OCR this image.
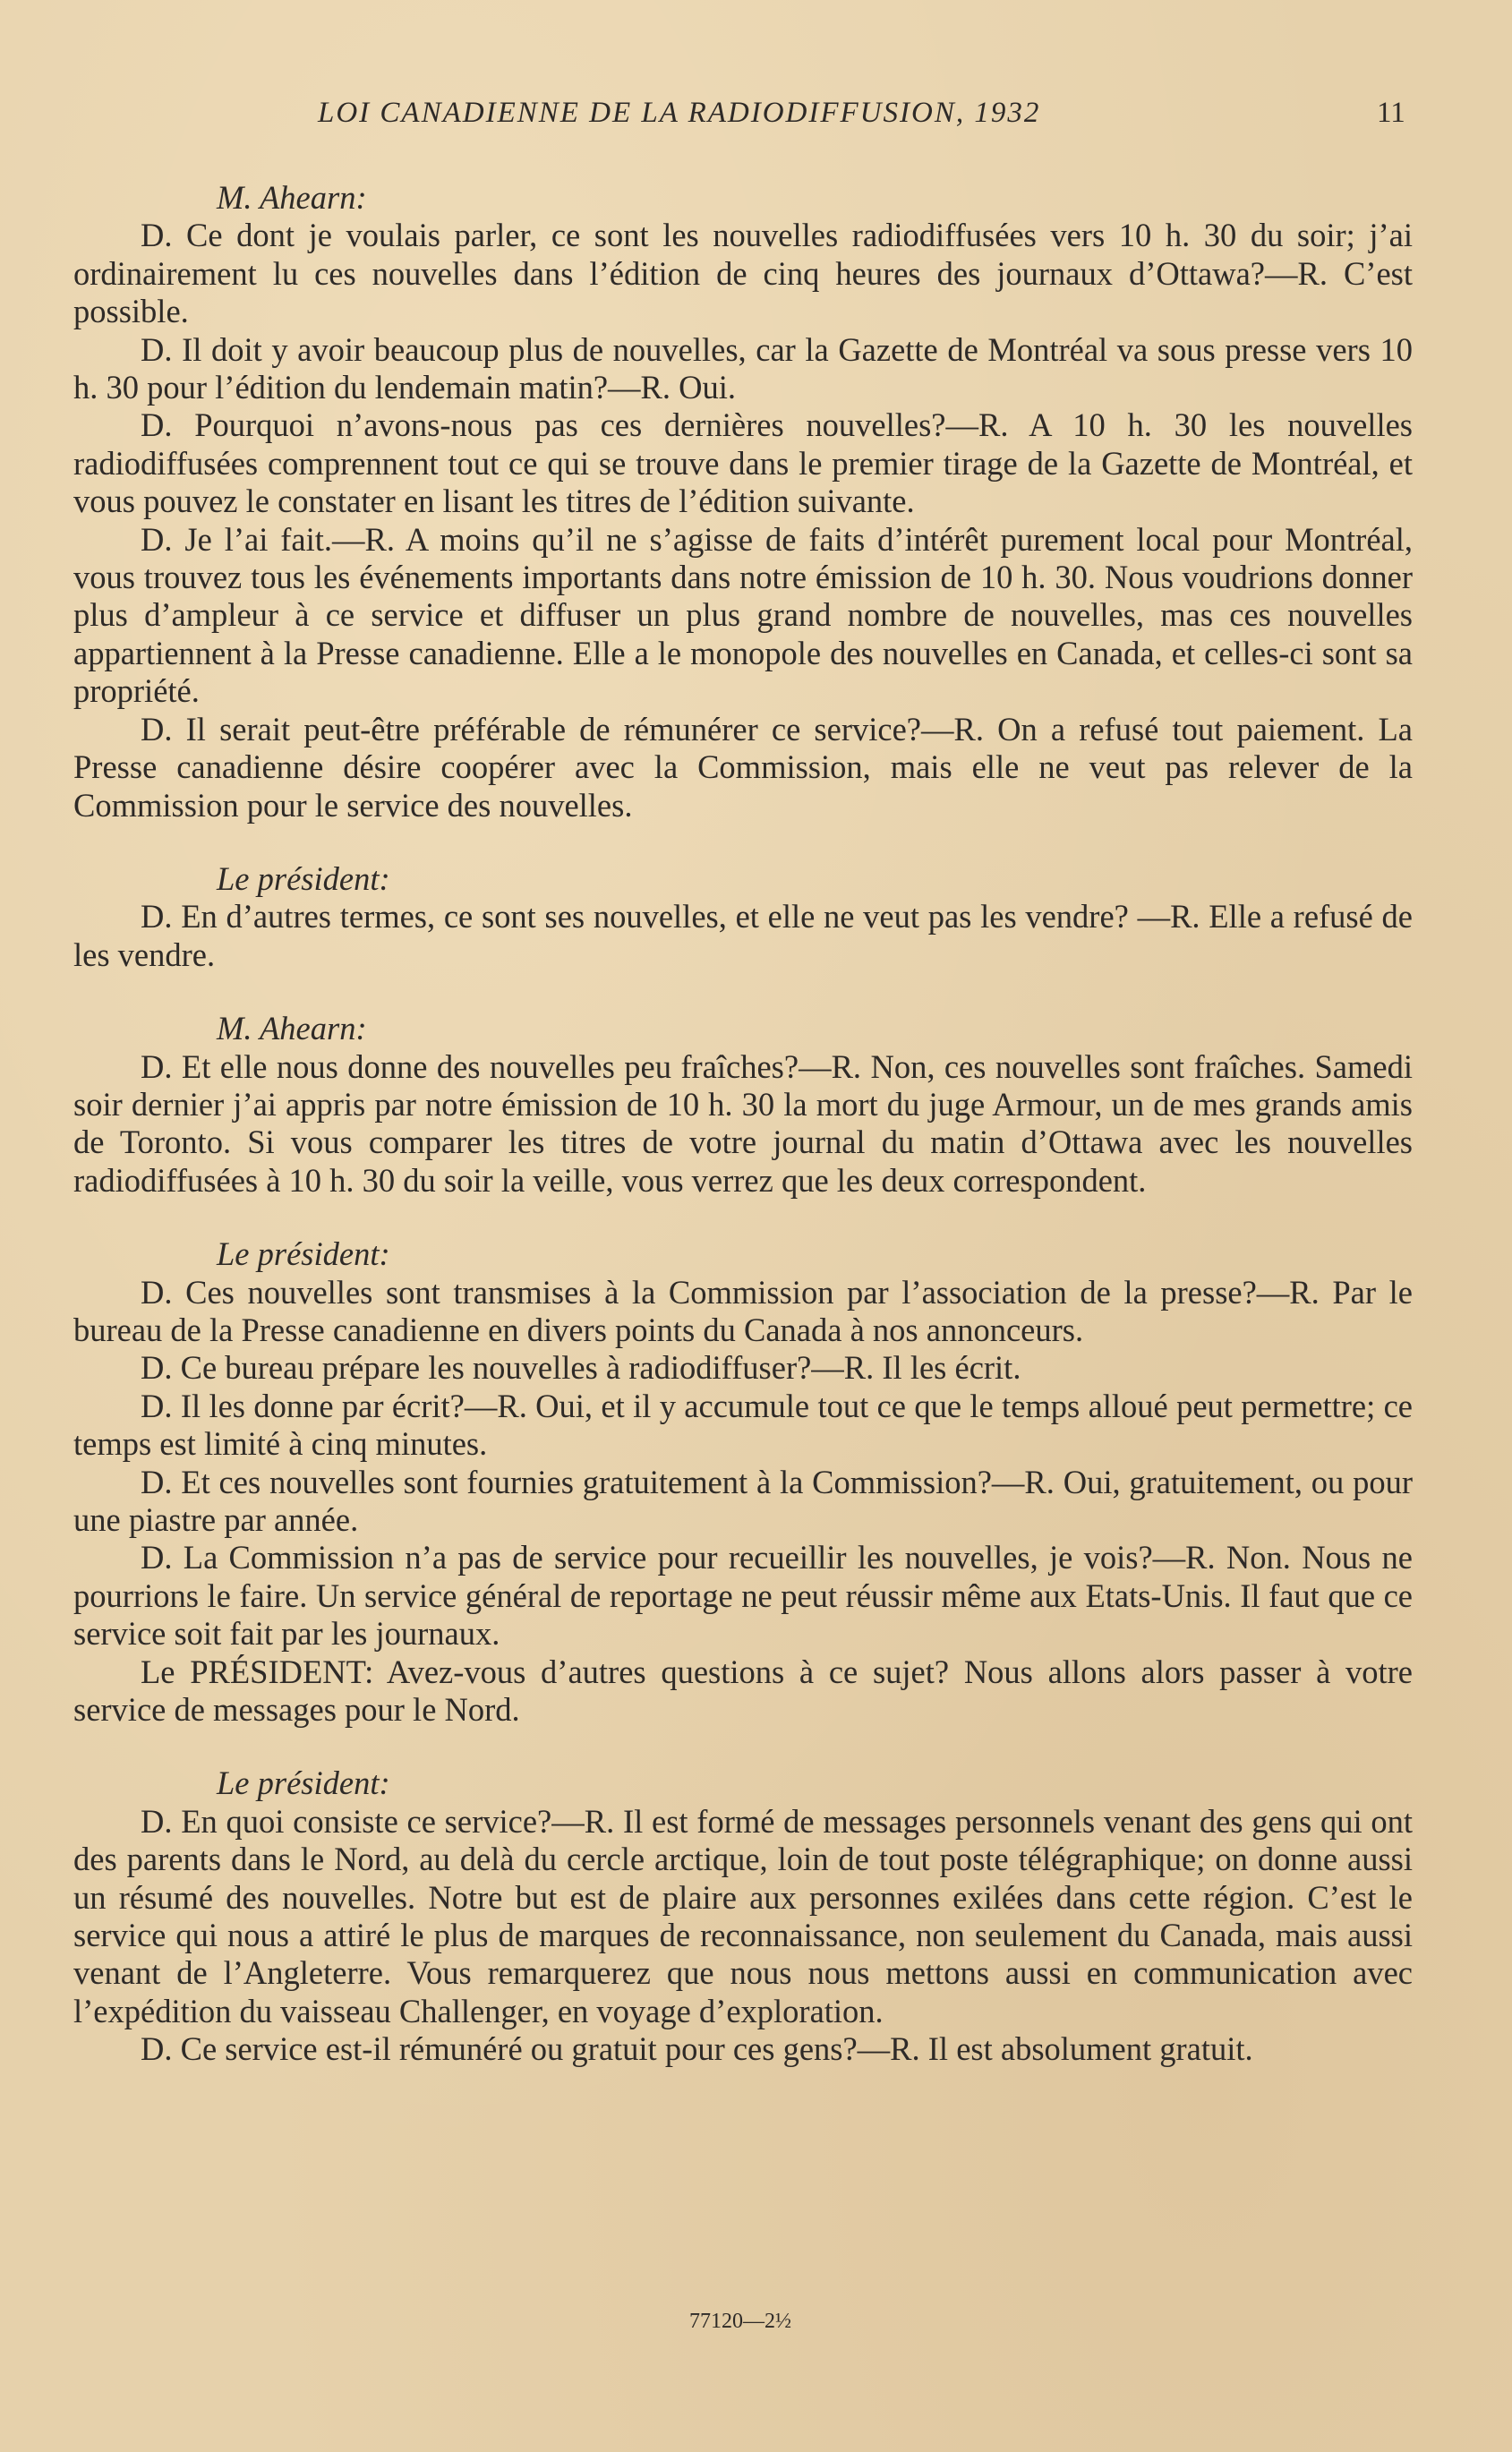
LOI CANADIENNE DE LA RADIODIFFUSION, 1932	11

M. Ahearn:

D. Ce dont je voulais parler, ce sont les nouvelles radiodiffusées vers 10 h. 30 du soir; j’ai ordinairement lu ces nouvelles dans l’édition de cinq heures des journaux d’Ottawa?—R. C’est possible.

D. Il doit y avoir beaucoup plus de nouvelles, car la Gazette de Montréal va sous presse vers 10 h. 30 pour l’édition du lendemain matin?—R. Oui.

D. Pourquoi n’avons-nous pas ces dernières nouvelles?—R. A 10 h. 30 les nouvelles radiodiffusées comprennent tout ce qui se trouve dans le premier tirage de la Gazette de Montréal, et vous pouvez le constater en lisant les titres de l’édition suivante.

D. Je l’ai fait.—R. A moins qu’il ne s’agisse de faits d’intérêt purement local pour Montréal, vous trouvez tous les événements importants dans notre émission de 10 h. 30. Nous voudrions donner plus d’ampleur à ce service et diffuser un plus grand nombre de nouvelles, mas ces nouvelles appartiennent à la Presse canadienne. Elle a le monopole des nouvelles en Canada, et celles-ci sont sa propriété.

D. Il serait peut-être préférable de rémunérer ce service?—R. On a refusé tout paiement. La Presse canadienne désire coopérer avec la Commission, mais elle ne veut pas relever de la Commission pour le service des nouvelles.

Le président:

D. En d’autres termes, ce sont ses nouvelles, et elle ne veut pas les vendre? —R. Elle a refusé de les vendre.

M. Ahearn:

D. Et elle nous donne des nouvelles peu fraîches?—R. Non, ces nouvelles sont fraîches. Samedi soir dernier j’ai appris par notre émission de 10 h. 30 la mort du juge Armour, un de mes grands amis de Toronto. Si vous comparer les titres de votre journal du matin d’Ottawa avec les nouvelles radiodiffusées à 10 h. 30 du soir la veille, vous verrez que les deux correspondent.

Le président:

D. Ces nouvelles sont transmises à la Commission par l’association de la presse?—R. Par le bureau de la Presse canadienne en divers points du Canada à nos annonceurs.

D. Ce bureau prépare les nouvelles à radiodiffuser?—R. Il les écrit.

D. Il les donne par écrit?—R. Oui, et il y accumule tout ce que le temps alloué peut permettre; ce temps est limité à cinq minutes.

D. Et ces nouvelles sont fournies gratuitement à la Commission?—R. Oui, gratuitement, ou pour une piastre par année.

D. La Commission n’a pas de service pour recueillir les nouvelles, je vois?—R. Non. Nous ne pourrions le faire. Un service général de reportage ne peut réussir même aux Etats-Unis. Il faut que ce service soit fait par les journaux.

Le PRÉSIDENT: Avez-vous d’autres questions à ce sujet? Nous allons alors passer à votre service de messages pour le Nord.

Le président:

D. En quoi consiste ce service?—R. Il est formé de messages personnels venant des gens qui ont des parents dans le Nord, au delà du cercle arctique, loin de tout poste télégraphique; on donne aussi un résumé des nouvelles. Notre but est de plaire aux personnes exilées dans cette région. C’est le service qui nous a attiré le plus de marques de reconnaissance, non seulement du Canada, mais aussi venant de l’Angleterre. Vous remarquerez que nous nous mettons aussi en communication avec l’expédition du vaisseau Challenger, en voyage d’exploration.

D. Ce service est-il rémunéré ou gratuit pour ces gens?—R. Il est absolument gratuit.

77120—2½
